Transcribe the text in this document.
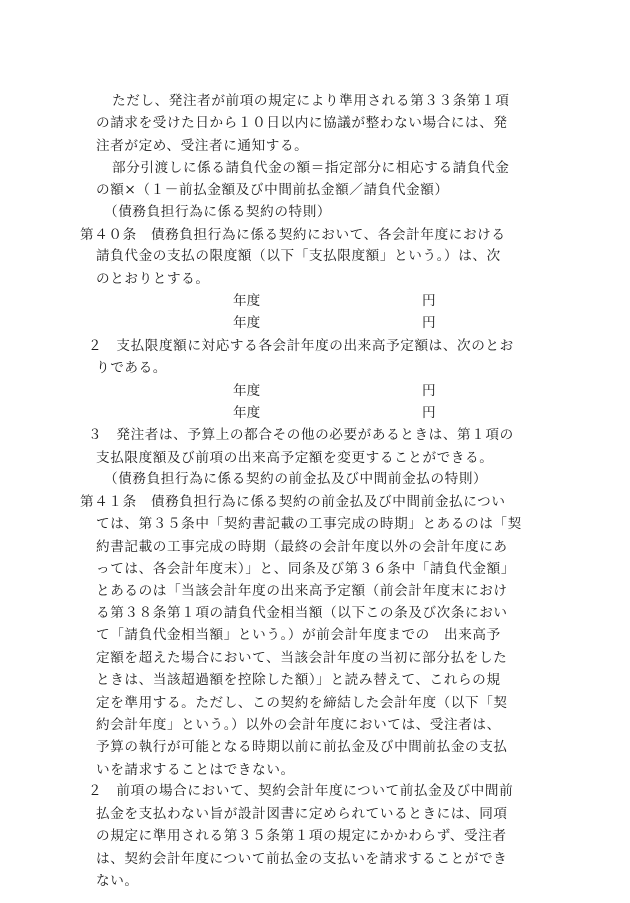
ただし、発注者が前項の規定により準用される第３３条第１項
の請求を受けた日から１０日以内に協議が整わない場合には、発
注者が定め、受注者に通知する。
部分引渡しに係る請負代金の額＝指定部分に相応する請負代金
の額×（１－前払金額及び中間前払金額／請負代金額）
（債務負担行為に係る契約の特則）
第４０条　債務負担行為に係る契約において、各会計年度における
請負代金の支払の限度額（以下「支払限度額」という。）は、次
のとおりとする。
年度	円
年度	円
２　支払限度額に対応する各会計年度の出来高予定額は、次のとお
りである。
年度	円
年度	円
３　発注者は、予算上の都合その他の必要があるときは、第１項の
支払限度額及び前項の出来高予定額を変更することができる。
（債務負担行為に係る契約の前金払及び中間前金払の特則）
第４１条　債務負担行為に係る契約の前金払及び中間前金払につい
ては、第３５条中「契約書記載の工事完成の時期」とあるのは「契
約書記載の工事完成の時期（最終の会計年度以外の会計年度にあ
っては、各会計年度末）」と、同条及び第３６条中「請負代金額」
とあるのは「当該会計年度の出来高予定額（前会計年度末におけ
る第３８条第１項の請負代金相当額（以下この条及び次条におい
て「請負代金相当額」という。）が前会計年度までの　出来高予
定額を超えた場合において、当該会計年度の当初に部分払をした
ときは、当該超過額を控除した額）」と読み替えて、これらの規
定を準用する。ただし、この契約を締結した会計年度（以下「契
約会計年度」という。）以外の会計年度においては、受注者は、
予算の執行が可能となる時期以前に前払金及び中間前払金の支払
いを請求することはできない。
２　前項の場合において、契約会計年度について前払金及び中間前
払金を支払わない旨が設計図書に定められているときには、同項
の規定に準用される第３５条第１項の規定にかかわらず、受注者
は、契約会計年度について前払金の支払いを請求することができ
ない。
